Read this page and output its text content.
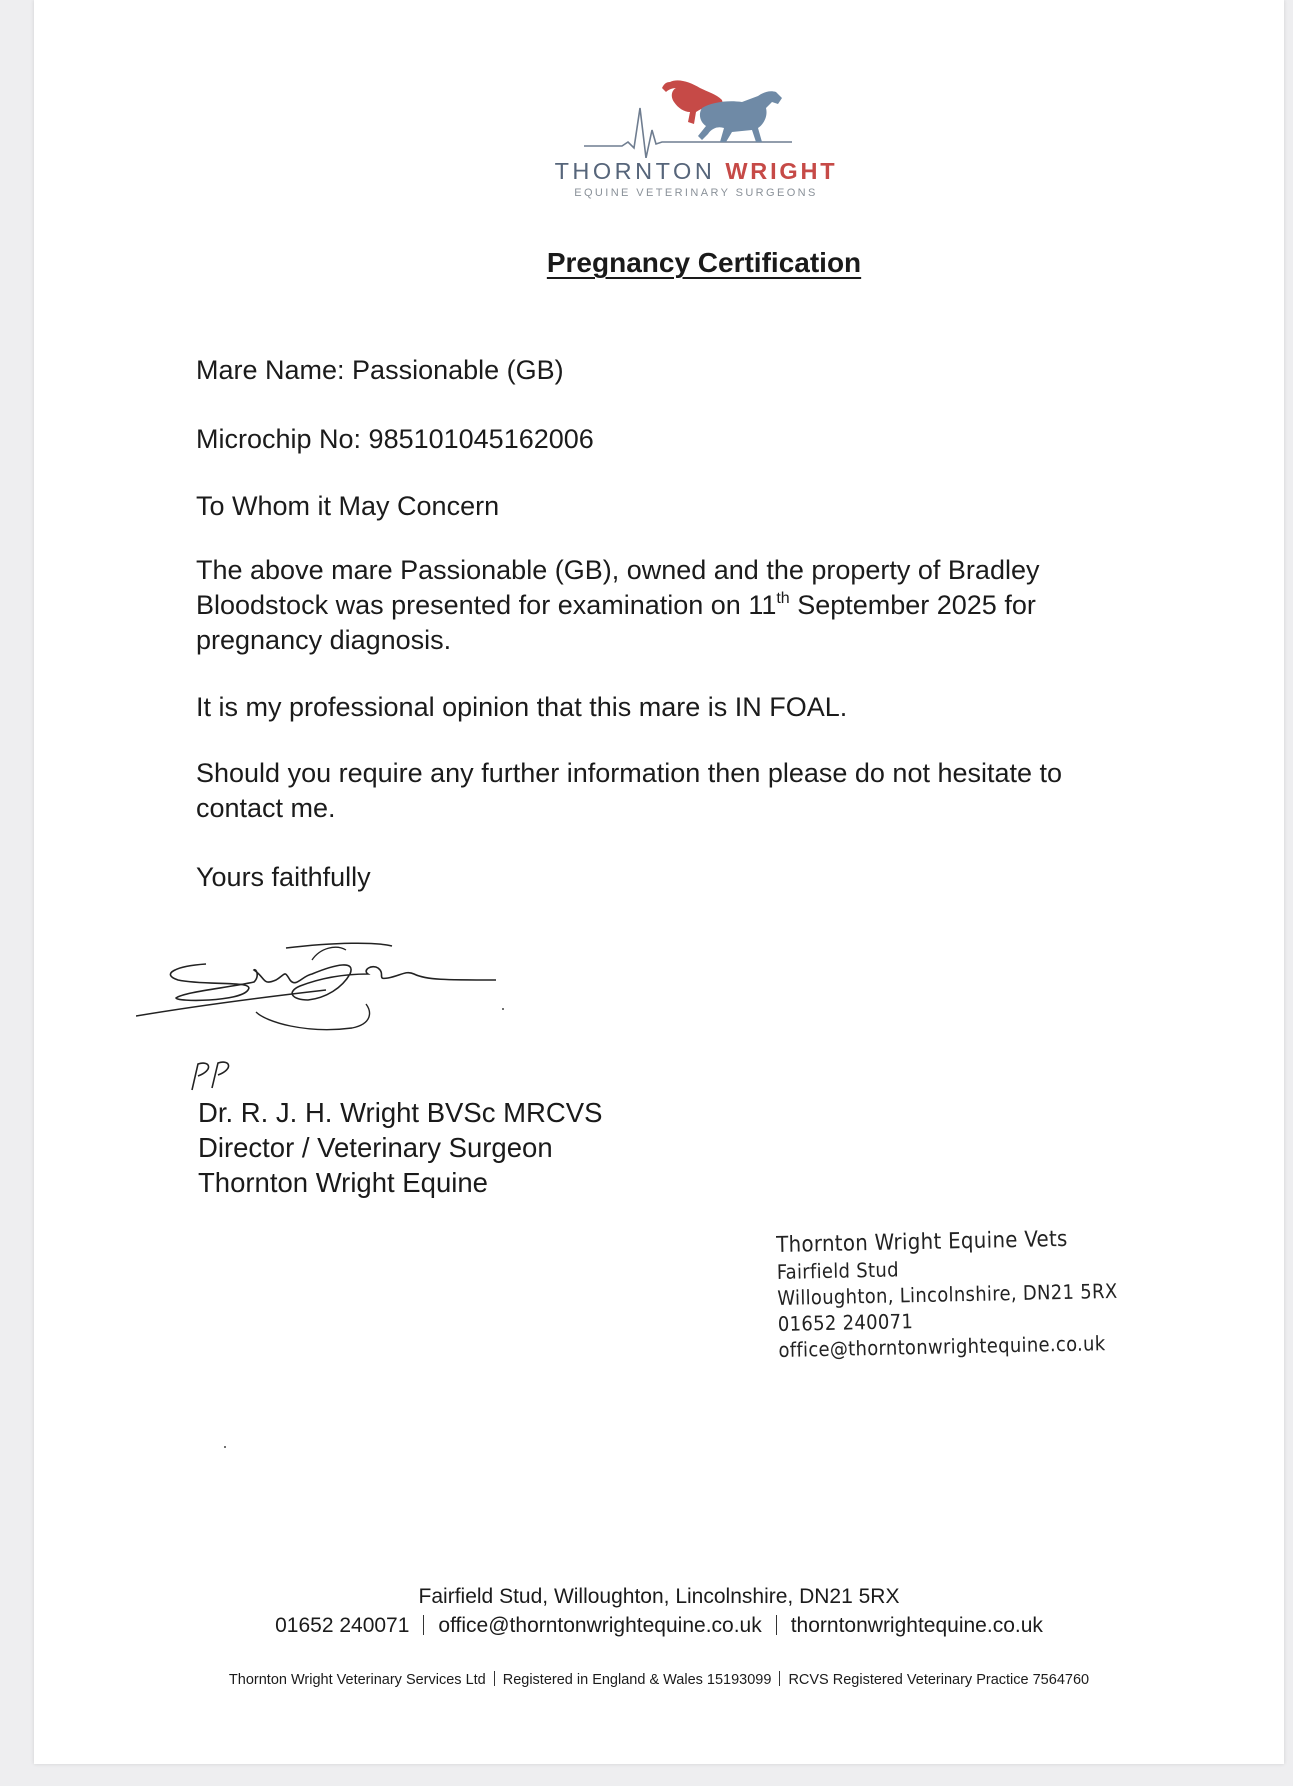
THORNTON WRIGHT
EQUINE VETERINARY SURGEONS
Pregnancy Certification
Mare Name: Passionable (GB)
Microchip No: 985101045162006
To Whom it May Concern
The above mare Passionable (GB), owned and the property of Bradley
Bloodstock was presented for examination on 11th September 2025 for
pregnancy diagnosis.
It is my professional opinion that this mare is IN FOAL.
Should you require any further information then please do not hesitate to
contact me.
Yours faithfully
Dr. R. J. H. Wright BVSc MRCVS
Director / Veterinary Surgeon
Thornton Wright Equine
Thornton Wright Equine Vets
Fairfield Stud
Willoughton, Lincolnshire, DN21 5RX
01652 240071
office@thorntonwrightequine.co.uk
Fairfield Stud, Willoughton, Lincolnshire, DN21 5RX
01652 240071 office@thorntonwrightequine.co.uk thorntonwrightequine.co.uk
Thornton Wright Veterinary Services Ltd Registered in England & Wales 15193099 RCVS Registered Veterinary Practice 7564760
